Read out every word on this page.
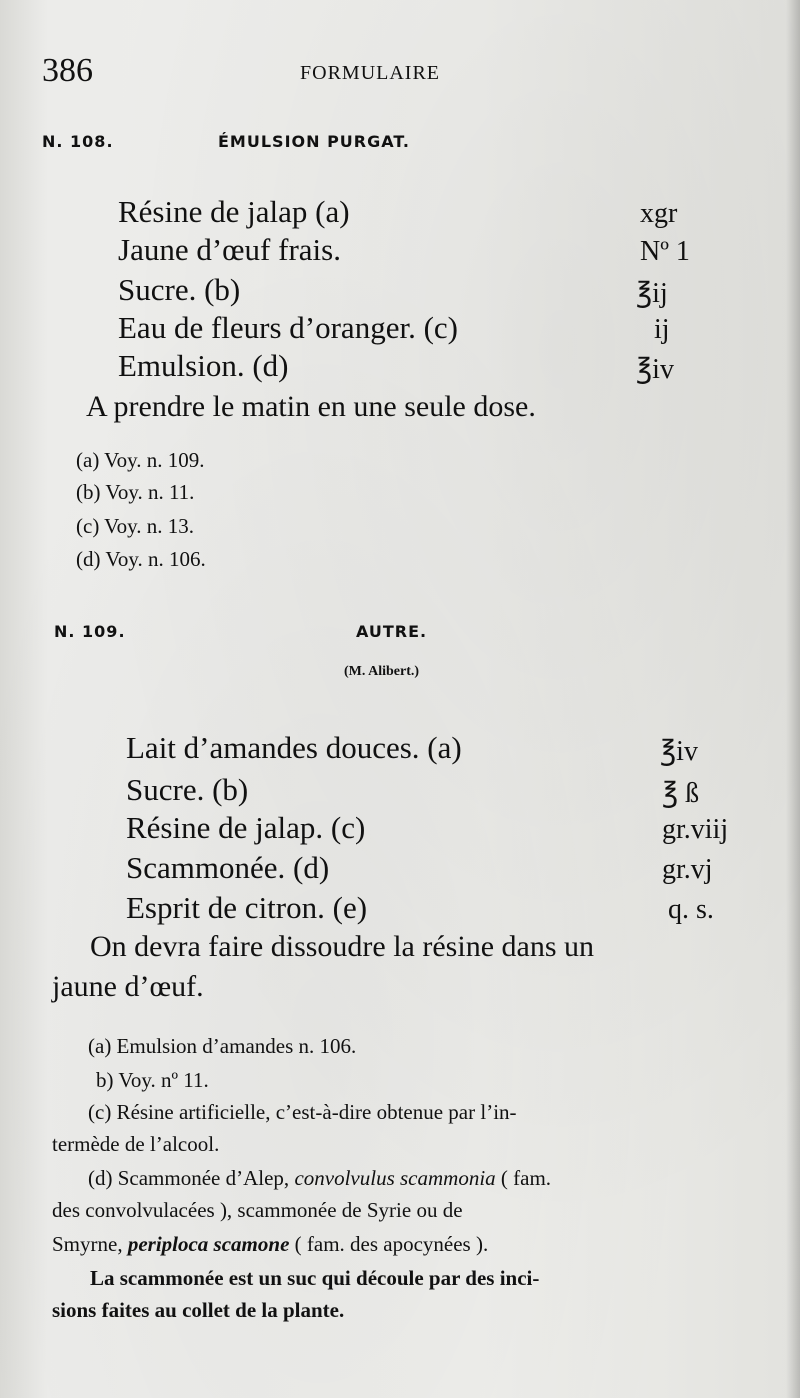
386	FORMULAIRE
N. 108.	ÉMULSION PURGAT.
Résine de jalap (a)	xgr
Jaune d’œuf frais.	Nº 1
Sucre. (b)	℥ij
Eau de fleurs d’oranger. (c)	ij
Emulsion. (d)	℥iv
A prendre le matin en une seule dose.
(a) Voy. n. 109.
(b) Voy. n. 11.
(c) Voy. n. 13.
(d) Voy. n. 106.
N. 109.	AUTRE.
(M. Alibert.)
Lait d’amandes douces. (a)	℥iv
Sucre. (b)	℥ ß
Résine de jalap. (c)	gr.viij
Scammonée. (d)	gr.vj
Esprit de citron. (e)	q. s.
On devra faire dissoudre la résine dans un
jaune d’œuf.
(a) Emulsion d’amandes n. 106.
b) Voy. nº 11.
(c) Résine artificielle, c’est-à-dire obtenue par l’in-
termède de l’alcool.
(d) Scammonée d’Alep, convolvulus scammonia ( fam.
des convolvulacées ), scammonée de Syrie ou de
Smyrne, periploca scamone ( fam. des apocynées ).
La scammonée est un suc qui découle par des inci-
sions faites au collet de la plante.
